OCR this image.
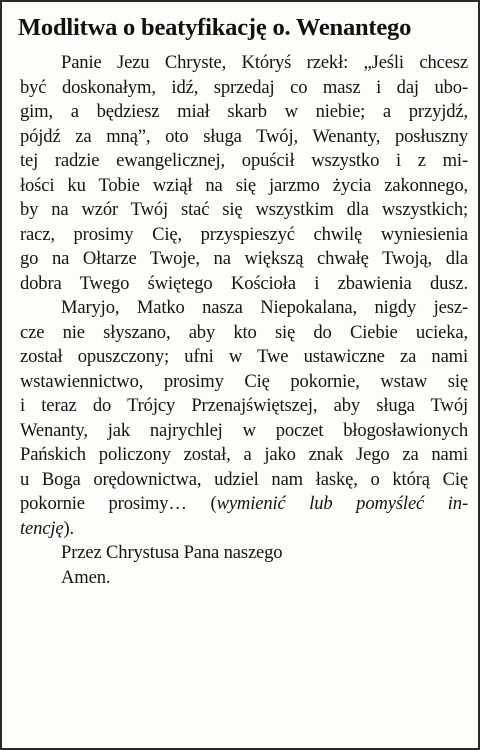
Modlitwa o beatyfikację o. Wenantego
Panie Jezu Chryste, Któryś rzekł: „Jeśli chcesz
być doskonałym, idź, sprzedaj co masz i daj ubo-
gim, a będziesz miał skarb w niebie; a przyjdź,
pójdź za mną”, oto sługa Twój, Wenanty, posłuszny
tej radzie ewangelicznej, opuścił wszystko i z mi-
łości ku Tobie wziął na się jarzmo życia zakonnego,
by na wzór Twój stać się wszystkim dla wszystkich;
racz, prosimy Cię, przyspieszyć chwilę wyniesienia
go na Ołtarze Twoje, na większą chwałę Twoją, dla
dobra Twego świętego Kościoła i zbawienia dusz.
Maryjo, Matko nasza Niepokalana, nigdy jesz-
cze nie słyszano, aby kto się do Ciebie ucieka,
został opuszczony; ufni w Twe ustawiczne za nami
wstawiennictwo, prosimy Cię pokornie, wstaw się
i teraz do Trójcy Przenajświętszej, aby sługa Twój
Wenanty, jak najrychlej w poczet błogosławionych
Pańskich policzony został, a jako znak Jego za nami
u Boga orędownictwa, udziel nam łaskę, o którą Cię
pokornie prosimy… (wymienić lub pomyśleć in-
tencję).
Przez Chrystusa Pana naszego
Amen.
